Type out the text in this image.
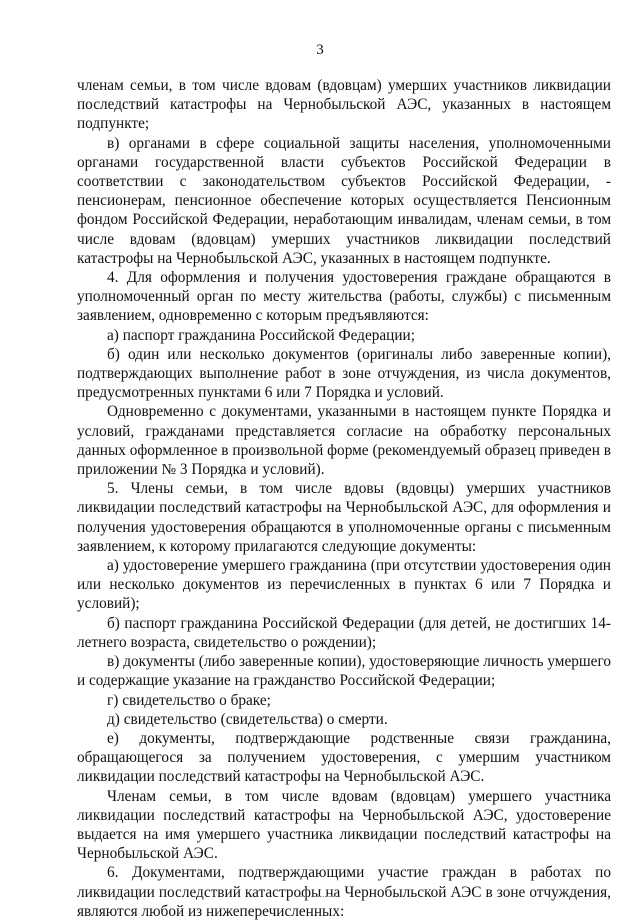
3

членам семьи, в том числе вдовам (вдовцам) умерших участников ликвидации последствий катастрофы на Чернобыльской АЭС, указанных в настоящем подпункте;

в) органами в сфере социальной защиты населения, уполномоченными органами государственной власти субъектов Российской Федерации в соответствии с законодательством субъектов Российской Федерации, - пенсионерам, пенсионное обеспечение которых осуществляется Пенсионным фондом Российской Федерации, неработающим инвалидам, членам семьи, в том числе вдовам (вдовцам) умерших участников ликвидации последствий катастрофы на Чернобыльской АЭС, указанных в настоящем подпункте.

4. Для оформления и получения удостоверения граждане обращаются в уполномоченный орган по месту жительства (работы, службы) с письменным заявлением, одновременно с которым предъявляются:

а) паспорт гражданина Российской Федерации;

б) один или несколько документов (оригиналы либо заверенные копии), подтверждающих выполнение работ в зоне отчуждения, из числа документов, предусмотренных пунктами 6 или 7 Порядка и условий.

Одновременно с документами, указанными в настоящем пункте Порядка и условий, гражданами представляется согласие на обработку персональных данных оформленное в произвольной форме (рекомендуемый образец приведен в приложении № 3 Порядка и условий).

5. Члены семьи, в том числе вдовы (вдовцы) умерших участников ликвидации последствий катастрофы на Чернобыльской АЭС, для оформления и получения удостоверения обращаются в уполномоченные органы с письменным заявлением, к которому прилагаются следующие документы:

а) удостоверение умершего гражданина (при отсутствии удостоверения один или несколько документов из перечисленных в пунктах 6 или 7 Порядка и условий);

б) паспорт гражданина Российской Федерации (для детей, не достигших 14-летнего возраста, свидетельство о рождении);

в) документы (либо заверенные копии), удостоверяющие личность умершего и содержащие указание на гражданство Российской Федерации;

г) свидетельство о браке;

д) свидетельство (свидетельства) о смерти.

е) документы, подтверждающие родственные связи гражданина, обращающегося за получением удостоверения, с умершим участником ликвидации последствий катастрофы на Чернобыльской АЭС.

Членам семьи, в том числе вдовам (вдовцам) умершего участника ликвидации последствий катастрофы на Чернобыльской АЭС, удостоверение выдается на имя умершего участника ликвидации последствий катастрофы на Чернобыльской АЭС.

6. Документами, подтверждающими участие граждан в работах по ликвидации последствий катастрофы на Чернобыльской АЭС в зоне отчуждения, являются любой из нижеперечисленных:
